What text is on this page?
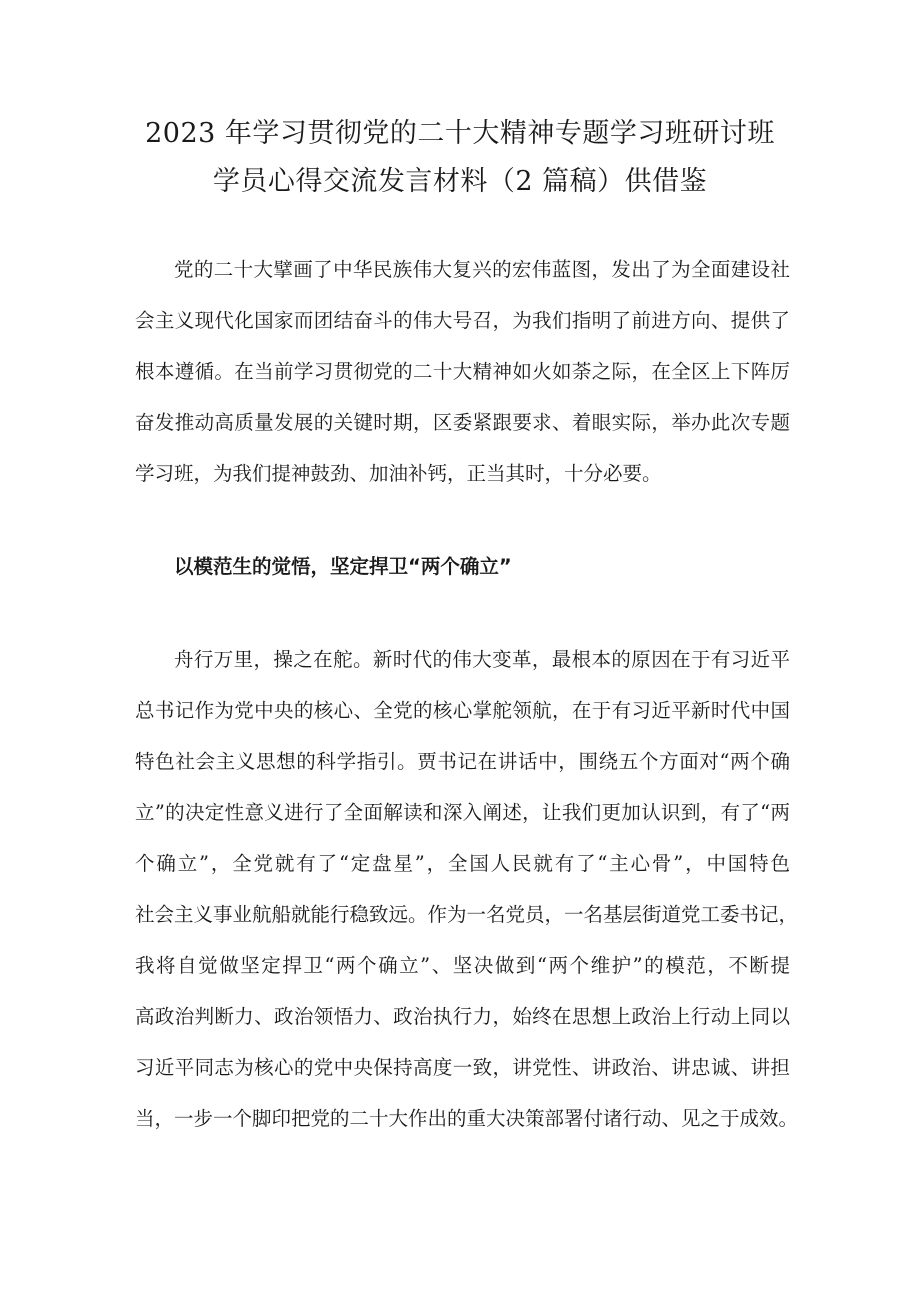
2023 年学习贯彻党的二十大精神专题学习班研讨班
学员心得交流发言材料（2 篇稿）供借鉴
党的二十大擘画了中华民族伟大复兴的宏伟蓝图，发出了为全面建设社
会主义现代化国家而团结奋斗的伟大号召，为我们指明了前进方向、提供了
根本遵循。在当前学习贯彻党的二十大精神如火如荼之际，在全区上下阵厉
奋发推动高质量发展的关键时期，区委紧跟要求、着眼实际，举办此次专题
学习班，为我们提神鼓劲、加油补钙，正当其时，十分必要。
以模范生的觉悟，坚定捍卫“两个确立”
舟行万里，操之在舵。新时代的伟大变革，最根本的原因在于有习近平
总书记作为党中央的核心、全党的核心掌舵领航，在于有习近平新时代中国
特色社会主义思想的科学指引。贾书记在讲话中，围绕五个方面对“两个确
立”的决定性意义进行了全面解读和深入阐述，让我们更加认识到，有了“两
个确立”，全党就有了“定盘星”，全国人民就有了“主心骨”，中国特色
社会主义事业航船就能行稳致远。作为一名党员，一名基层街道党工委书记，
我将自觉做坚定捍卫“两个确立”、坚决做到“两个维护”的模范，不断提
高政治判断力、政治领悟力、政治执行力，始终在思想上政治上行动上同以
习近平同志为核心的党中央保持高度一致，讲党性、讲政治、讲忠诚、讲担
当，一步一个脚印把党的二十大作出的重大决策部署付诸行动、见之于成效。
